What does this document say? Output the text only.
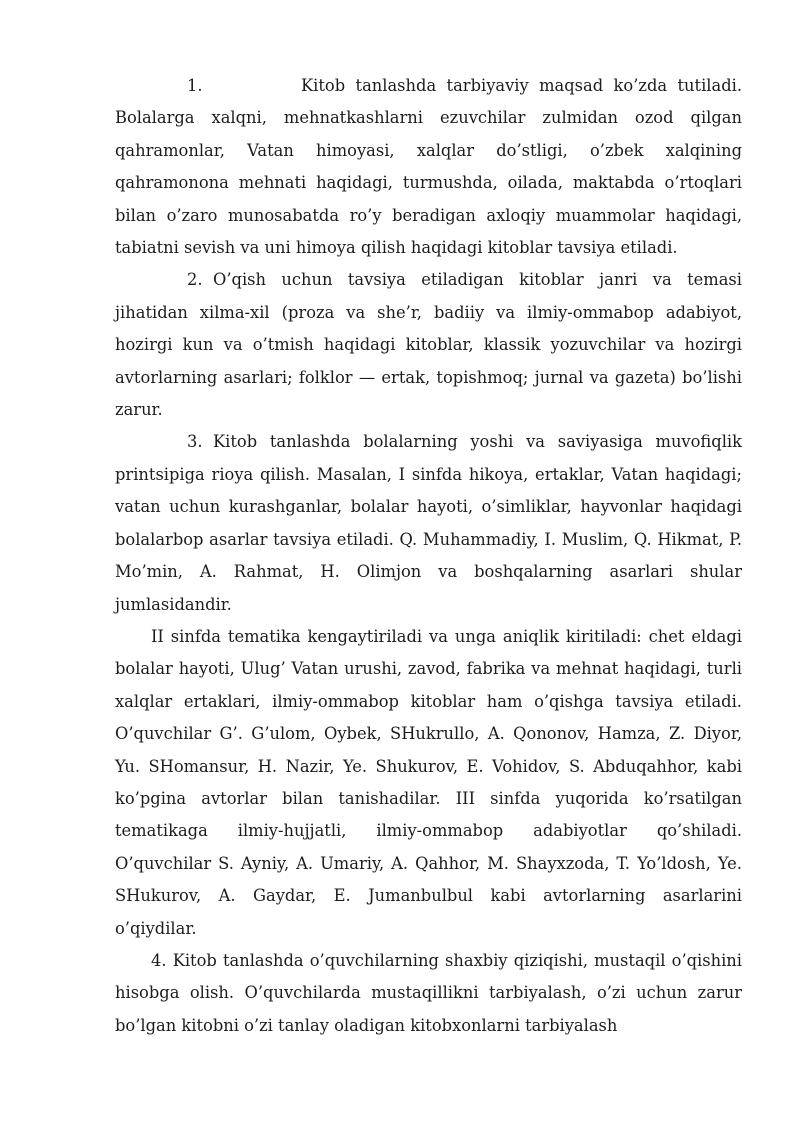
1.	Kitob tanlashda tarbiyaviy maqsad ko’zda tutiladi. Bolalarga xalqni, mehnatkashlarni ezuvchilar zulmidan ozod qilgan qahramonlar, Vatan himoyasi, xalqlar do’stligi, o’zbek xalqining qahramonona mehnati haqidagi, turmushda, oilada, maktabda o’rtoqlari bilan o’zaro munosabatda ro’y beradigan axloqiy muammolar haqidagi, tabiatni sevish va uni himoya qilish haqidagi kitoblar tavsiya etiladi.

2. O’qish uchun tavsiya etiladigan kitoblar janri va temasi jihatidan xilma-xil (proza va she’r, badiiy va ilmiy-ommabop adabiyot, hozirgi kun va o’tmish haqidagi kitoblar, klassik yozuvchilar va hozirgi avtorlarning asarlari; folklor — ertak, topishmoq; jurnal va gazeta) bo’lishi zarur.

3. Kitob tanlashda bolalarning yoshi va saviyasiga muvofiqlik printsipiga rioya qilish. Masalan, I sinfda hikoya, ertaklar, Vatan haqidagi; vatan uchun kurashganlar, bolalar hayoti, o’simliklar, hayvonlar haqidagi bolalarbop asarlar tavsiya etiladi. Q. Muhammadiy, I. Muslim, Q. Hikmat, P. Mo’min, A. Rahmat, H. Olimjon va boshqalarning asarlari shular jumlasidandir.

II sinfda tematika kengaytiriladi va unga aniqlik kiritiladi: chet eldagi bolalar hayoti, Ulug’ Vatan urushi, zavod, fabrika va mehnat haqidagi, turli xalqlar ertaklari, ilmiy-ommabop kitoblar ham o’qishga tavsiya etiladi. O’quvchilar G’. G’ulom, Oybek, SHukrullo, A. Qononov, Hamza, Z. Diyor, Yu. SHomansur, H. Nazir, Ye. Shukurov, E. Vohidov, S. Abduqahhor, kabi ko’pgina avtorlar bilan tanishadilar. III sinfda yuqorida ko’rsatilgan tematikaga ilmiy-hujjatli, ilmiy-ommabop adabiyotlar qo’shiladi. O’quvchilar S. Ayniy, A. Umariy, A. Qahhor, M. Shayxzoda, T. Yo’ldosh, Ye. SHukurov, A. Gaydar, E. Jumanbulbul kabi avtorlarning asarlarini o’qiydilar.

4. Kitob tanlashda o’quvchilarning shaxbiy qiziqishi, mustaqil o’qishini hisobga olish. O’quvchilarda mustaqillikni tarbiyalash, o’zi uchun zarur bo’lgan kitobni o’zi tanlay oladigan kitobxonlarni tarbiyalash
